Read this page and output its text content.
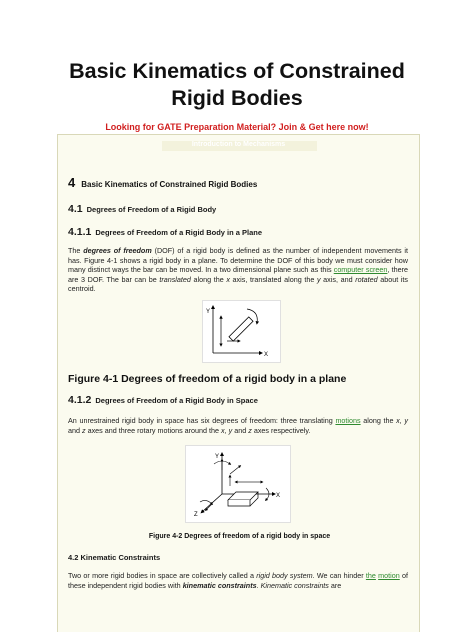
Basic Kinematics of Constrained
Rigid Bodies
Looking for GATE Preparation Material? Join & Get here now!
Introduction to Mechanisms
4 Basic Kinematics of Constrained Rigid Bodies
4.1 Degrees of Freedom of a Rigid Body
4.1.1 Degrees of Freedom of a Rigid Body in a Plane
The degrees of freedom (DOF) of a rigid body is defined as the number of independent movements it has. Figure 4-1 shows a rigid body in a plane. To determine the DOF of this body we must consider how many distinct ways the bar can be moved. In a two dimensional plane such as this computer screen, there are 3 DOF. The bar can be translated along the x axis, translated along the y axis, and rotated about its centroid.
Y
X
Figure 4-1 Degrees of freedom of a rigid body in a plane
4.1.2 Degrees of Freedom of a Rigid Body in Space
An unrestrained rigid body in space has six degrees of freedom: three translating motions along the x, y and z axes and three rotary motions around the x, y and z axes respectively.
Y
X
Z
Figure 4-2 Degrees of freedom of a rigid body in space
4.2 Kinematic Constraints
Two or more rigid bodies in space are collectively called a rigid body system. We can hinder the motion of these independent rigid bodies with kinematic constraints. Kinematic constraints are
